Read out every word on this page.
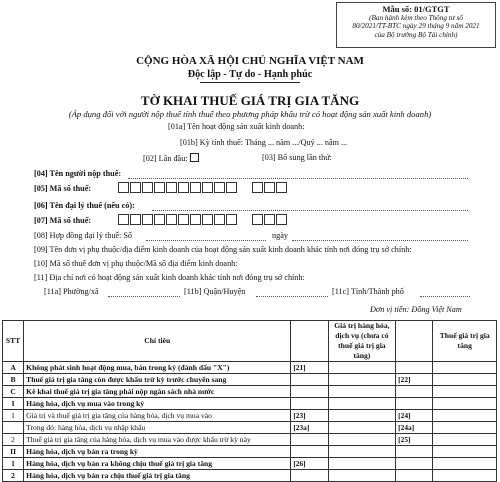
Mẫu số: 01/GTGT
(Ban hành kèm theo Thông tư số
80/2021/TT-BTC ngày 29 tháng 9 năm 2021
của Bộ trưởng Bộ Tài chính)
CỘNG HÒA XÃ HỘI CHỦ NGHĨA VIỆT NAM
Độc lập - Tự do - Hạnh phúc
TỜ KHAI THUẾ GIÁ TRỊ GIA TĂNG
(Áp dụng đối với người nộp thuế tính thuế theo phương pháp khấu trừ có hoạt động sản xuất kinh doanh)
[01a] Tên hoạt động sản xuất kinh doanh:
[01b] Kỳ tính thuế: Tháng ... năm .../Quý ... năm ...
[02] Lần đầu:	[03] Bổ sung lần thứ:
[04] Tên người nộp thuế:
[05] Mã số thuế:
[06] Tên đại lý thuế (nếu có):
[07] Mã số thuế:
[08] Hợp đồng đại lý thuế: Số	ngày
[09] Tên đơn vị phụ thuộc/địa điểm kinh doanh của hoạt động sản xuất kinh doanh khác tỉnh nơi đóng trụ sở chính:
[10] Mã số thuế đơn vị phụ thuộc/Mã số địa điểm kinh doanh:
[11] Địa chỉ nơi có hoạt động sản xuất kinh doanh khác tỉnh nơi đóng trụ sở chính:
[11a] Phường/xã	[11b] Quận/Huyện	[11c] Tỉnh/Thành phố
Đơn vị tiền: Đồng Việt Nam
STT	Chỉ tiêu		Giá trị hàng hóa, dịch vụ (chưa có thuế giá trị gia tăng)		Thuế giá trị gia tăng
A	Không phát sinh hoạt động mua, bán trong kỳ (đánh dấu "X")	[21]			
B	Thuế giá trị gia tăng còn được khấu trừ kỳ trước chuyển sang			[22]	
C	Kê khai thuế giá trị gia tăng phải nộp ngân sách nhà nước				
I	Hàng hóa, dịch vụ mua vào trong kỳ				
1	Giá trị và thuế giá trị gia tăng của hàng hóa, dịch vụ mua vào	[23]		[24]	
	Trong đó: hàng hóa, dịch vụ nhập khẩu	[23a]		[24a]	
2	Thuế giá trị gia tăng của hàng hóa, dịch vụ mua vào được khấu trừ kỳ này			[25]	
II	Hàng hóa, dịch vụ bán ra trong kỳ				
1	Hàng hóa, dịch vụ bán ra không chịu thuế giá trị gia tăng	[26]			
2	Hàng hóa, dịch vụ bán ra chịu thuế giá trị gia tăng				
